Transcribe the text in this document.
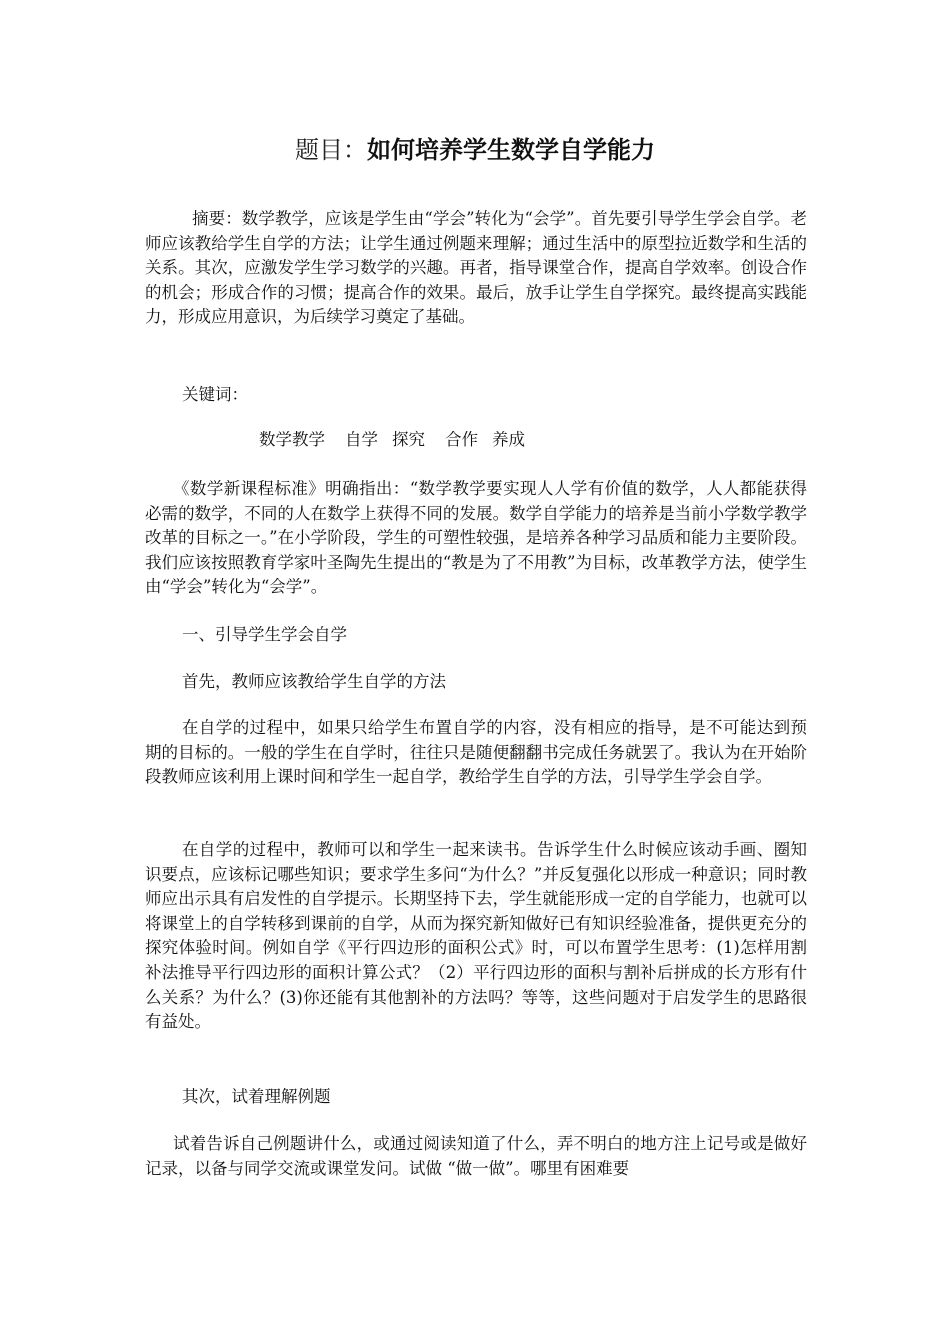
题目：如何培养学生数学自学能力

摘要：数学教学，应该是学生由“学会”转化为“会学”。首先要引导学生学会自学。老师应该教给学生自学的方法；让学生通过例题来理解；通过生活中的原型拉近数学和生活的关系。其次，应激发学生学习数学的兴趣。再者，指导课堂合作，提高自学效率。创设合作的机会；形成合作的习惯；提高合作的效果。最后，放手让学生自学探究。最终提高实践能力，形成应用意识，为后续学习奠定了基础。

关键词：

数学教学 自学 探究 合作 养成

《数学新课程标准》明确指出：“数学教学要实现人人学有价值的数学，人人都能获得必需的数学，不同的人在数学上获得不同的发展。数学自学能力的培养是当前小学数学教学改革的目标之一。”在小学阶段，学生的可塑性较强，是培养各种学习品质和能力主要阶段。我们应该按照教育学家叶圣陶先生提出的“教是为了不用教”为目标，改革教学方法，使学生由“学会”转化为“会学”。

一、引导学生学会自学

首先，教师应该教给学生自学的方法

在自学的过程中，如果只给学生布置自学的内容，没有相应的指导，是不可能达到预期的目标的。一般的学生在自学时，往往只是随便翻翻书完成任务就罢了。我认为在开始阶段教师应该利用上课时间和学生一起自学，教给学生自学的方法，引导学生学会自学。

在自学的过程中，教师可以和学生一起来读书。告诉学生什么时候应该动手画、圈知识要点，应该标记哪些知识；要求学生多问“为什么？”并反复强化以形成一种意识；同时教师应出示具有启发性的自学提示。长期坚持下去，学生就能形成一定的自学能力，也就可以将课堂上的自学转移到课前的自学，从而为探究新知做好已有知识经验准备，提供更充分的探究体验时间。例如自学《平行四边形的面积公式》时，可以布置学生思考：(1)怎样用割补法推导平行四边形的面积计算公式？（2）平行四边形的面积与割补后拼成的长方形有什么关系？为什么？(3)你还能有其他割补的方法吗？等等，这些问题对于启发学生的思路很有益处。

其次，试着理解例题

试着告诉自己例题讲什么，或通过阅读知道了什么，弄不明白的地方注上记号或是做好记录，以备与同学交流或课堂发问。试做 “做一做”。哪里有困难要
